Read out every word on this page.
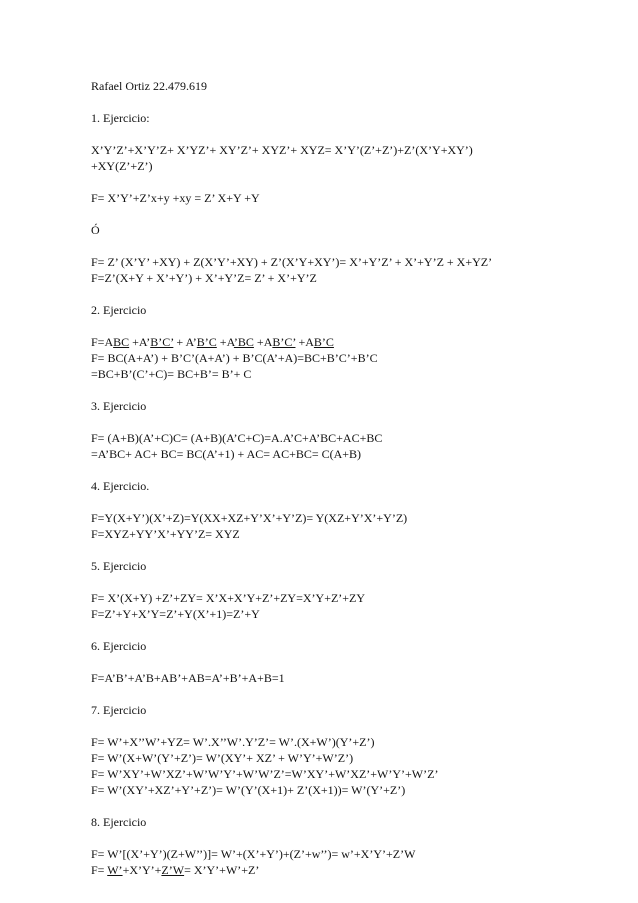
Rafael Ortiz 22.479.619

1. Ejercicio:

X’Y’Z’+X’Y’Z+ X’YZ’+ XY’Z’+ XYZ’+ XYZ= X’Y’(Z’+Z’)+Z’(X’Y+XY’)
+XY(Z’+Z’)

F= X’Y’+Z’x+y +xy = Z’ X+Y +Y

Ó

F= Z’ (X’Y’ +XY) + Z(X’Y’+XY) + Z’(X’Y+XY’)= X’+Y’Z’ + X’+Y’Z + X+YZ’
F=Z’(X+Y + X’+Y’) + X’+Y’Z= Z’ + X’+Y’Z

2. Ejercicio

F=ABC +A’B’C’ + A’B’C +A’BC +AB’C’ +AB’C
F= BC(A+A’) + B’C’(A+A’) + B’C(A’+A)=BC+B’C’+B’C
=BC+B’(C’+C)= BC+B’= B’+ C

3. Ejercicio

F= (A+B)(A’+C)C= (A+B)(A’C+C)=A.A’C+A’BC+AC+BC
=A’BC+ AC+ BC= BC(A’+1) + AC= AC+BC= C(A+B)

4. Ejercicio.

F=Y(X+Y’)(X’+Z)=Y(XX+XZ+Y’X’+Y’Z)= Y(XZ+Y’X’+Y’Z)
F=XYZ+YY’X’+YY’Z= XYZ

5. Ejercicio

F= X’(X+Y) +Z’+ZY= X’X+X’Y+Z’+ZY=X’Y+Z’+ZY
F=Z’+Y+X’Y=Z’+Y(X’+1)=Z’+Y

6. Ejercicio

F=A’B’+A’B+AB’+AB=A’+B’+A+B=1

7. Ejercicio

F= W’+X’’W’+YZ= W’.X’’W’.Y’Z’= W’.(X+W’)(Y’+Z’)
F= W’(X+W’(Y’+Z’)= W’(XY’+ XZ’ + W’Y’+W’Z’)
F= W’XY’+W’XZ’+W’W’Y’+W’W’Z’=W’XY’+W’XZ’+W’Y’+W’Z’
F= W’(XY’+XZ’+Y’+Z’)= W’(Y’(X+1)+ Z’(X+1))= W’(Y’+Z’)

8. Ejercicio

F= W’[(X’+Y’)(Z+W’’)]= W’+(X’+Y’)+(Z’+w’’)= w’+X’Y’+Z’W
F= W’+X’Y’+Z’W= X’Y’+W’+Z’
